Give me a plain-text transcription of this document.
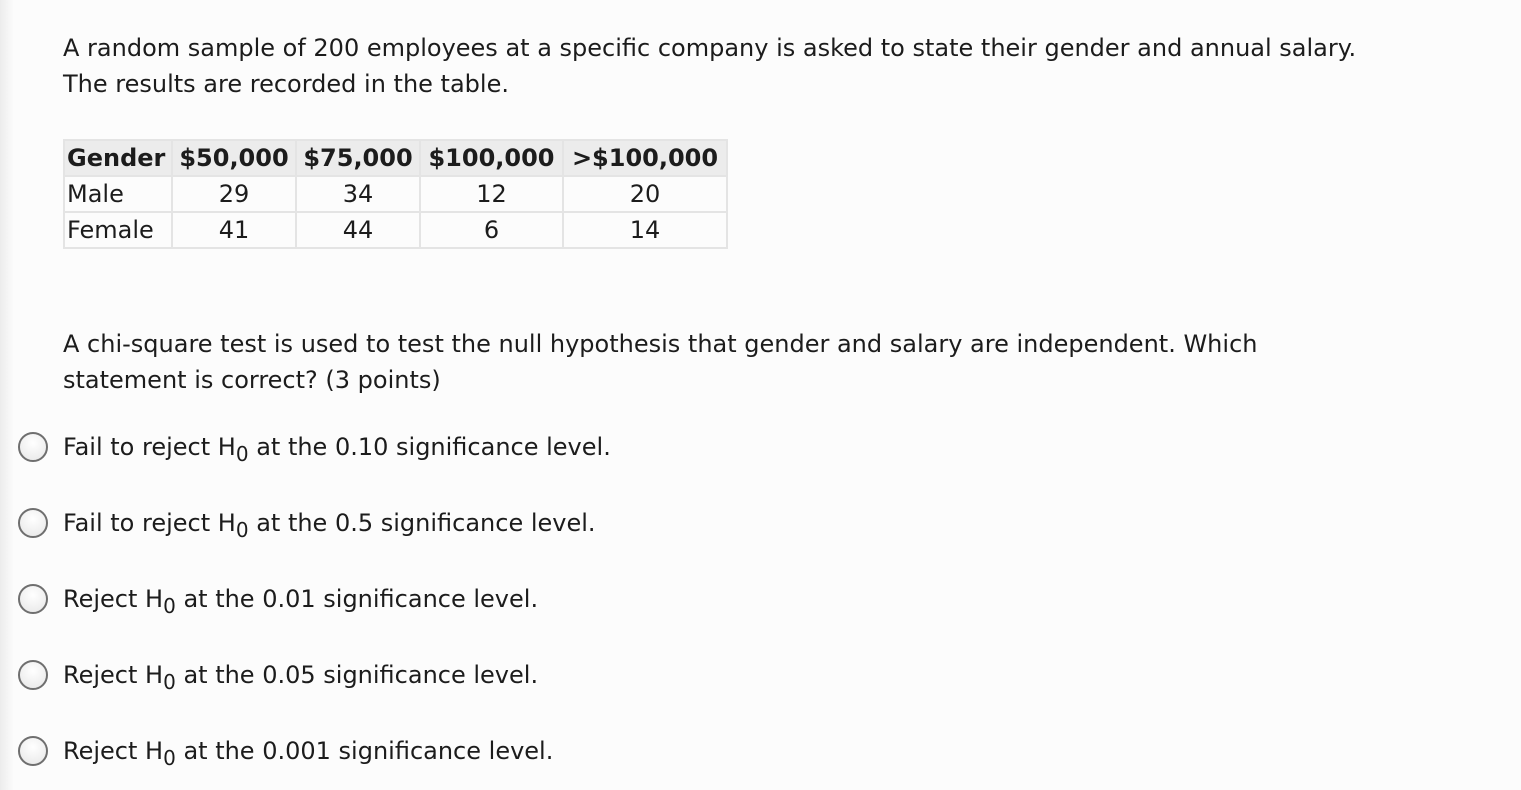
A random sample of 200 employees at a specific company is asked to state their gender and annual salary.
The results are recorded in the table.

Gender	$50,000	$75,000	$100,000	>$100,000
Male	29	34	12	20
Female	41	44	6	14

A chi-square test is used to test the null hypothesis that gender and salary are independent. Which
statement is correct? (3 points)

Fail to reject $H_0$ at the 0.10 significance level.
Fail to reject $H_0$ at the 0.5 significance level.
Reject $H_0$ at the 0.01 significance level.
Reject $H_0$ at the 0.05 significance level.
Reject $H_0$ at the 0.001 significance level.
